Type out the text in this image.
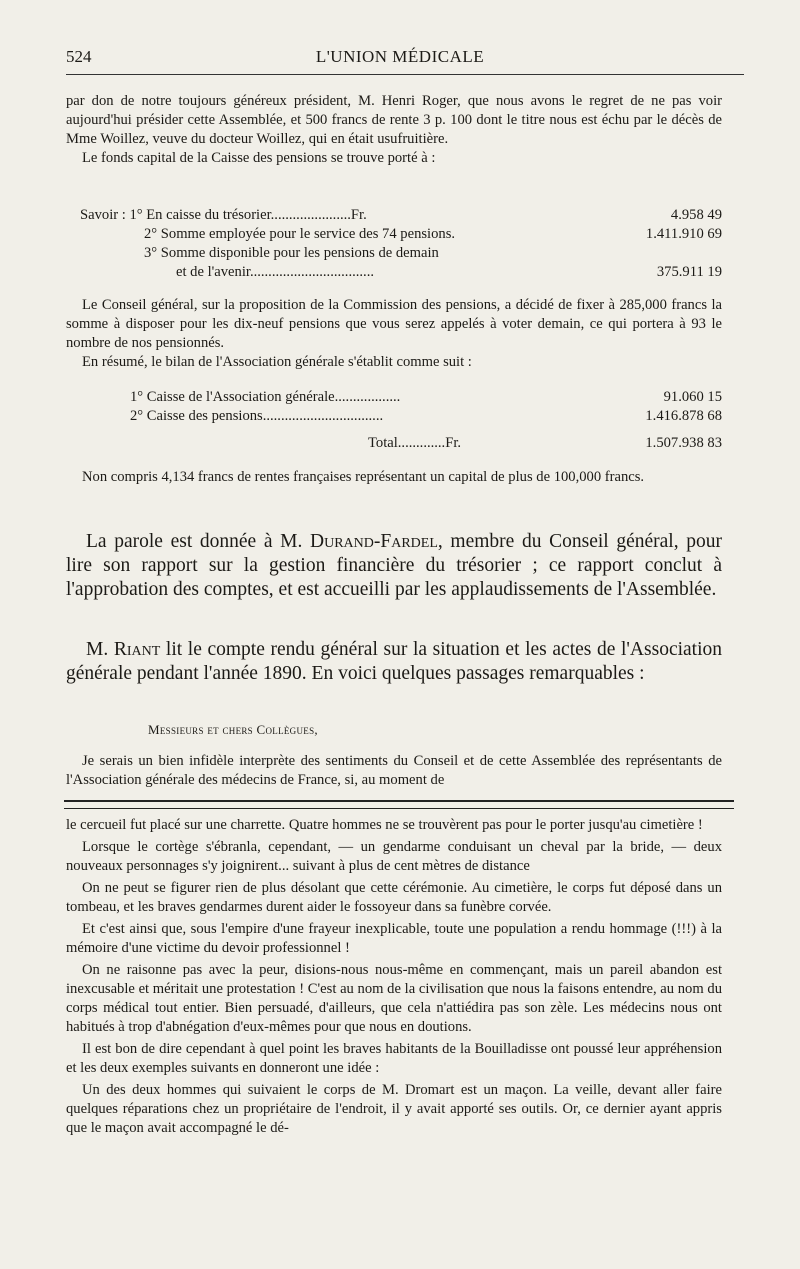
524	L'UNION MÉDICALE

par don de notre toujours généreux président, M. Henri Roger, que nous avons le regret de ne pas voir aujourd'hui présider cette Assemblée, et 500 francs de rente 3 p. 100 dont le titre nous est échu par le décès de Mme Woillez, veuve du docteur Woillez, qui en était usufruitière.

Le fonds capital de la Caisse des pensions se trouve porté à :

Savoir : 1° En caisse du trésorier......................Fr.	4.958 49
2° Somme employée pour le service des 74 pensions.	1.411.910 69
3° Somme disponible pour les pensions de demain
et de l'avenir..................................	375.911 19

Le Conseil général, sur la proposition de la Commission des pensions, a décidé de fixer à 285,000 francs la somme à disposer pour les dix-neuf pensions que vous serez appelés à voter demain, ce qui portera à 93 le nombre de nos pensionnés.

En résumé, le bilan de l'Association générale s'établit comme suit :

1° Caisse de l'Association générale..................	91.060 15
2° Caisse des pensions.................................	1.416.878 68
Total.............Fr.	1.507.938 83

Non compris 4,134 francs de rentes françaises représentant un capital de plus de 100,000 francs.

La parole est donnée à M. Durand-Fardel, membre du Conseil général, pour lire son rapport sur la gestion financière du trésorier ; ce rapport conclut à l'approbation des comptes, et est accueilli par les applaudissements de l'Assemblée.

M. Riant lit le compte rendu général sur la situation et les actes de l'Association générale pendant l'année 1890. En voici quelques passages remarquables :

Messieurs et chers Collègues,

Je serais un bien infidèle interprète des sentiments du Conseil et de cette Assemblée des représentants de l'Association générale des médecins de France, si, au moment de

le cercueil fut placé sur une charrette. Quatre hommes ne se trouvèrent pas pour le porter jusqu'au cimetière !

Lorsque le cortège s'ébranla, cependant, — un gendarme conduisant un cheval par la bride, — deux nouveaux personnages s'y joignirent... suivant à plus de cent mètres de distance

On ne peut se figurer rien de plus désolant que cette cérémonie. Au cimetière, le corps fut déposé dans un tombeau, et les braves gendarmes durent aider le fossoyeur dans sa funèbre corvée.

Et c'est ainsi que, sous l'empire d'une frayeur inexplicable, toute une population a rendu hommage (!!!) à la mémoire d'une victime du devoir professionnel !

On ne raisonne pas avec la peur, disions-nous nous-même en commençant, mais un pareil abandon est inexcusable et méritait une protestation ! C'est au nom de la civilisation que nous la faisons entendre, au nom du corps médical tout entier. Bien persuadé, d'ailleurs, que cela n'attiédira pas son zèle. Les médecins nous ont habitués à trop d'abnégation d'eux-mêmes pour que nous en doutions.

Il est bon de dire cependant à quel point les braves habitants de la Bouilladisse ont poussé leur appréhension et les deux exemples suivants en donneront une idée :

Un des deux hommes qui suivaient le corps de M. Dromart est un maçon. La veille, devant aller faire quelques réparations chez un propriétaire de l'endroit, il y avait apporté ses outils. Or, ce dernier ayant appris que le maçon avait accompagné le dé-
